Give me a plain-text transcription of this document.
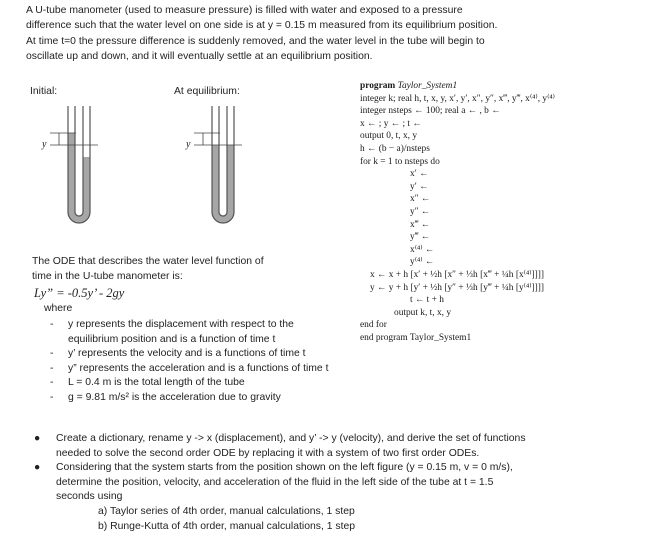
A U-tube manometer (used to measure pressure) is filled with water and exposed to a pressure
difference such that the water level on one side is at y = 0.15 m measured from its equilibrium position.
At time t=0 the pressure difference is suddenly removed, and the water level in the tube will begin to
oscillate up and down, and it will eventually settle at an equilibrium position.
Initial:	At equilibrium:
y	y
program Taylor_System1
integer k; real h, t, x, y, x′, y′, x″, y″, x‴, y‴, x⁽⁴⁾, y⁽⁴⁾
integer nsteps ← 100; real a ← , b ←
x ← ; y ← ; t ←
output 0, t, x, y
h ← (b − a)/nsteps
for k = 1 to nsteps do
x′ ←
y′ ←
x″ ←
y″ ←
x‴ ←
y‴ ←
x⁽⁴⁾ ←
y⁽⁴⁾ ←
x ← x + h [x′ + ½h [x″ + ⅓h [x‴ + ¼h [x⁽⁴⁾]]]]
y ← y + h [y′ + ½h [y″ + ⅓h [y‴ + ¼h [y⁽⁴⁾]]]]
t ← t + h
output k, t, x, y
end for
end program Taylor_System1
The ODE that describes the water level function of
time in the U-tube manometer is:
Ly” = -0.5y’ - 2gy
where
- y represents the displacement with respect to the
equilibrium position and is a function of time t
- y’ represents the velocity and is a functions of time t
- y” represents the acceleration and is a functions of time t
- L = 0.4 m is the total length of the tube
- g = 9.81 m/s² is the acceleration due to gravity
● Create a dictionary, rename y -> x (displacement), and y’ -> y (velocity), and derive the set of functions
needed to solve the second order ODE by replacing it with a system of two first order ODEs.
● Considering that the system starts from the position shown on the left figure (y = 0.15 m, v = 0 m/s),
determine the position, velocity, and acceleration of the fluid in the left side of the tube at t = 1.5
seconds using
a) Taylor series of 4th order, manual calculations, 1 step
b) Runge-Kutta of 4th order, manual calculations, 1 step
